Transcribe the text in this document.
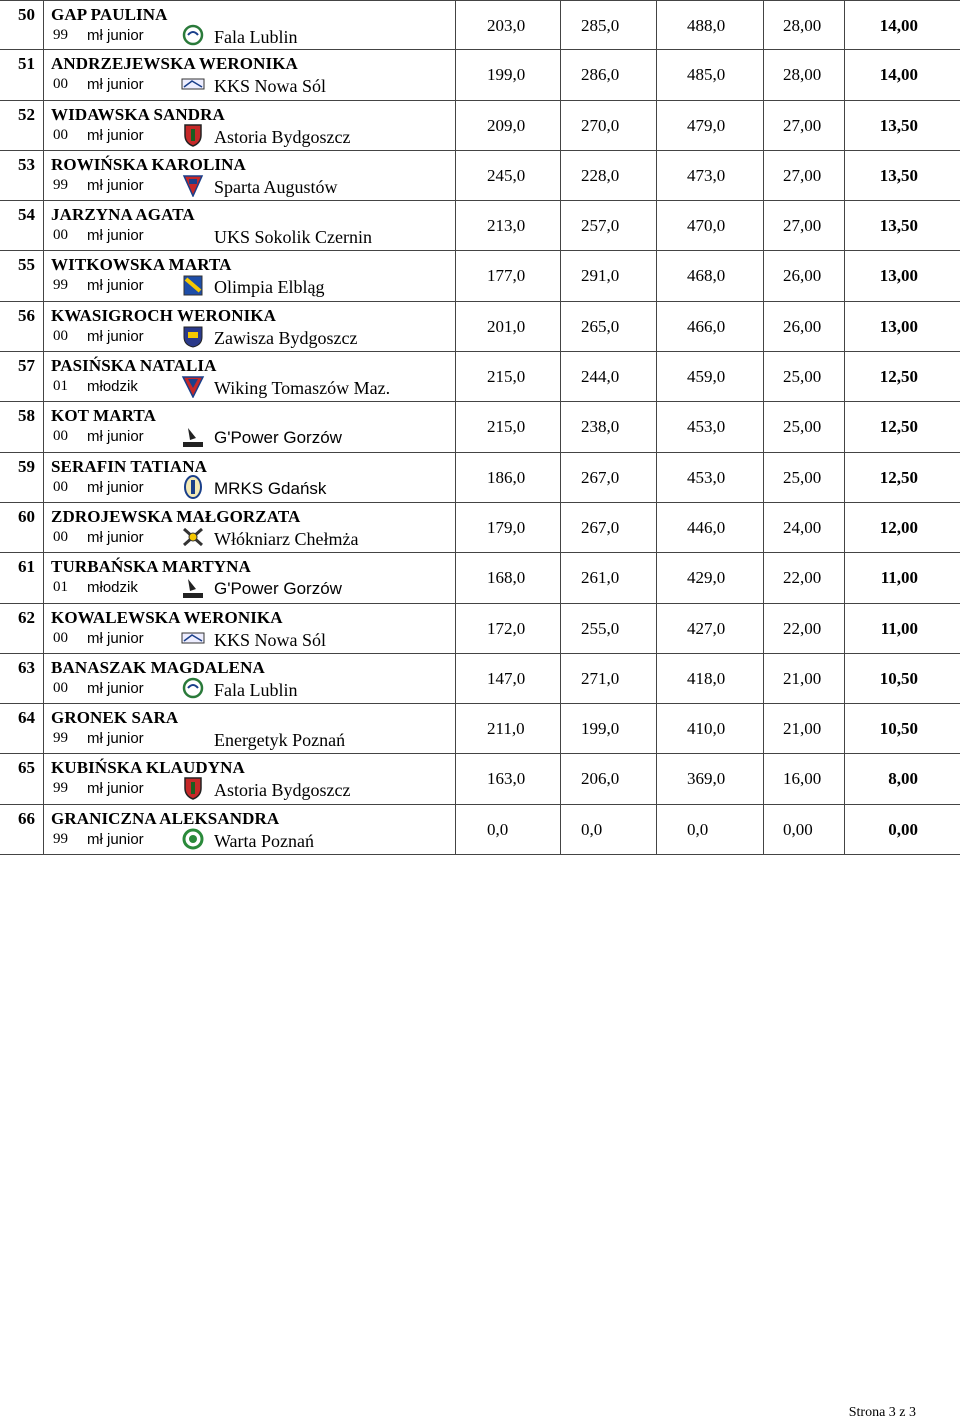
50 GAP PAULINA
99 mł junior	Fala Lublin
203,0	285,0	488,0	28,00	14,00
51 ANDRZEJEWSKA WERONIKA
00 mł junior	KKS Nowa Sól
199,0	286,0	485,0	28,00	14,00
52 WIDAWSKA SANDRA
00 mł junior	Astoria Bydgoszcz
209,0	270,0	479,0	27,00	13,50
53 ROWIŃSKA KAROLINA
99 mł junior	Sparta Augustów
245,0	228,0	473,0	27,00	13,50
54 JARZYNA AGATA
00 mł junior	UKS Sokolik Czernin
213,0	257,0	470,0	27,00	13,50
55 WITKOWSKA MARTA
99 mł junior	Olimpia Elbląg
177,0	291,0	468,0	26,00	13,00
56 KWASIGROCH WERONIKA
00 mł junior	Zawisza Bydgoszcz
201,0	265,0	466,0	26,00	13,00
57 PASIŃSKA NATALIA
01 młodzik	Wiking Tomaszów Maz.
215,0	244,0	459,0	25,00	12,50
58 KOT MARTA
00 mł junior	G'Power Gorzów
215,0	238,0	453,0	25,00	12,50
59 SERAFIN TATIANA
00 mł junior	MRKS Gdańsk
186,0	267,0	453,0	25,00	12,50
60 ZDROJEWSKA MAŁGORZATA
00 mł junior	Włókniarz Chełmża
179,0	267,0	446,0	24,00	12,00
61 TURBAŃSKA MARTYNA
01 młodzik	G'Power Gorzów
168,0	261,0	429,0	22,00	11,00
62 KOWALEWSKA WERONIKA
00 mł junior	KKS Nowa Sól
172,0	255,0	427,0	22,00	11,00
63 BANASZAK MAGDALENA
00 mł junior	Fala Lublin
147,0	271,0	418,0	21,00	10,50
64 GRONEK SARA
99 mł junior	Energetyk Poznań
211,0	199,0	410,0	21,00	10,50
65 KUBIŃSKA KLAUDYNA
99 mł junior	Astoria Bydgoszcz
163,0	206,0	369,0	16,00	8,00
66 GRANICZNA ALEKSANDRA
99 mł junior	Warta Poznań
0,0	0,0	0,0	0,00	0,00
Strona 3 z 3
